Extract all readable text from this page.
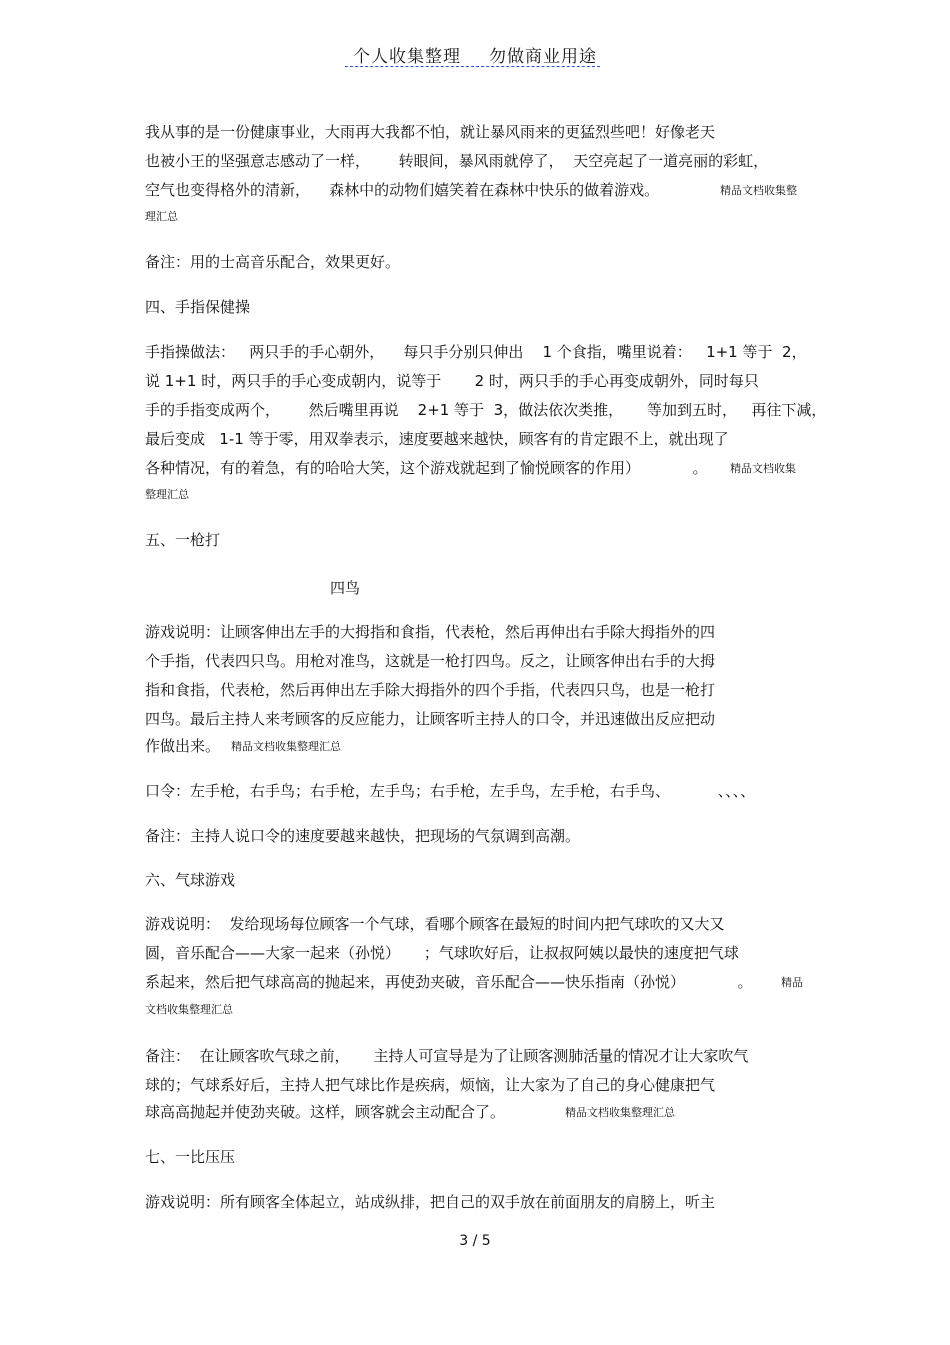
个人收集整理 勿做商业用途
我从事的是一份健康事业，大雨再大我都不怕，就让暴风雨来的更猛烈些吧！好像老天
也被小王的坚强意志感动了一样，      转眼间，暴风雨就停了，  天空亮起了一道亮丽的彩虹，
空气也变得格外的清新，    森林中的动物们嬉笑着在森林中快乐的做着游戏。	精品文档收集整
理汇总
备注：用的士高音乐配合，效果更好。
四、手指保健操
手指操做法：   两只手的手心朝外，    每只手分别只伸出    1 个食指，嘴里说着：   1+1 等于  2，
说 1+1 时，两只手的手心变成朝内，说等于       2 时，两只手的手心再变成朝外，同时每只
手的手指变成两个，      然后嘴里再说    2+1 等于  3，做法依次类推，     等加到五时，   再往下减，
最后变成   1-1 等于零，用双拳表示，速度要越来越快，顾客有的肯定跟不上，就出现了
各种情况，有的着急，有的哈哈大笑，这个游戏就起到了愉悦顾客的作用）           。 精品文档收集
整理汇总
五、一枪打
四鸟
游戏说明：让顾客伸出左手的大拇指和食指，代表枪，然后再伸出右手除大拇指外的四
个手指，代表四只鸟。用枪对准鸟，这就是一枪打四鸟。反之，让顾客伸出右手的大拇
指和食指，代表枪，然后再伸出左手除大拇指外的四个手指，代表四只鸟，也是一枪打
四鸟。最后主持人来考顾客的反应能力，让顾客听主持人的口令，并迅速做出反应把动
作做出来。 精品文档收集整理汇总
口令：左手枪，右手鸟；右手枪，左手鸟；右手枪，左手鸟，左手枪，右手鸟、          、、、、
备注：主持人说口令的速度要越来越快，把现场的气氛调到高潮。
六、气球游戏
游戏说明：  发给现场每位顾客一个气球，看哪个顾客在最短的时间内把气球吹的又大又
圆，音乐配合——大家一起来（孙悦）     ；气球吹好后，让叔叔阿姨以最快的速度把气球
系起来，然后把气球高高的抛起来，再使劲夹破，音乐配合——快乐指南（孙悦）           。	精品
文档收集整理汇总
备注：  在让顾客吹气球之前，     主持人可宣导是为了让顾客测肺活量的情况才让大家吹气
球的；气球系好后，主持人把气球比作是疾病，烦恼，让大家为了自己的身心健康把气
球高高抛起并使劲夹破。这样，顾客就会主动配合了。	精品文档收集整理汇总
七、一比压压
游戏说明：所有顾客全体起立，站成纵排，把自己的双手放在前面朋友的肩膀上，听主
3 / 5
